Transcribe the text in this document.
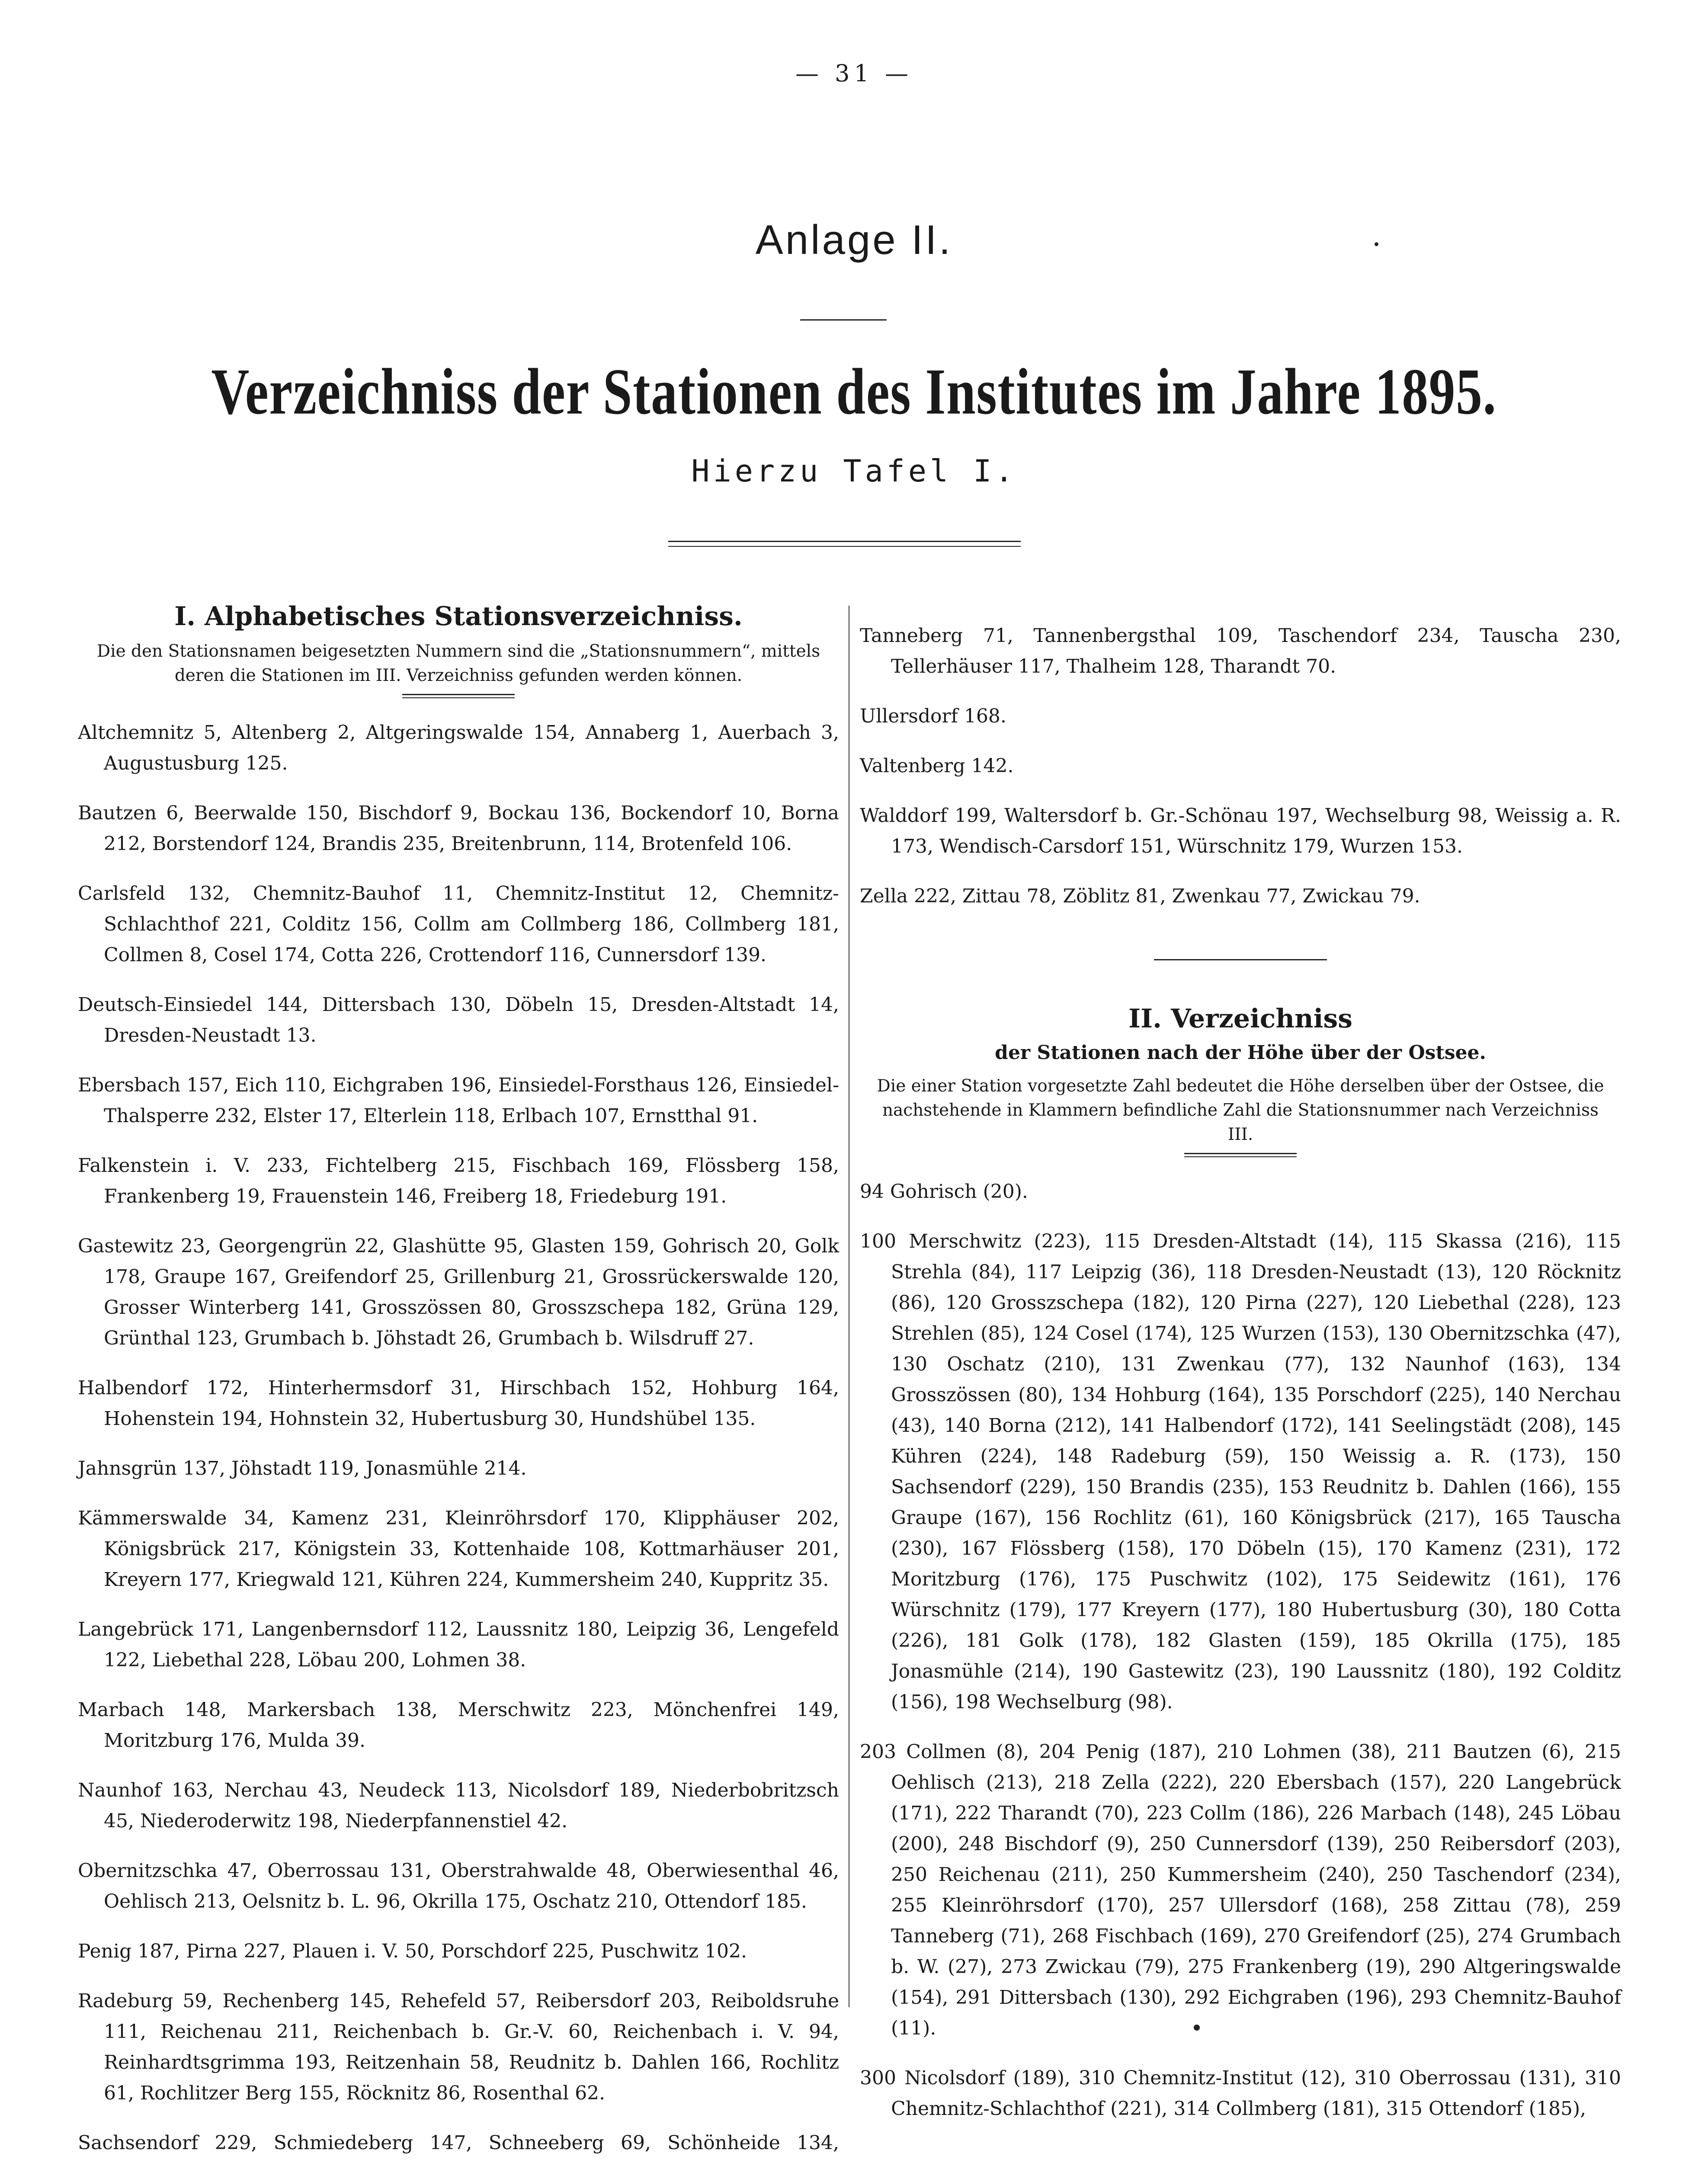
— 31 —
Anlage II.
Verzeichniss der Stationen des Institutes im Jahre 1895.
Hierzu Tafel I.
I. Alphabetisches Stationsverzeichniss.
Die den Stationsnamen beigesetzten Nummern sind die „Stationsnummern“, mittels deren die Stationen im III. Verzeichniss gefunden werden können.

Altchemnitz 5, Altenberg 2, Altgeringswalde 154, Annaberg 1, Auerbach 3, Augustusburg 125.

Bautzen 6, Beerwalde 150, Bischdorf 9, Bockau 136, Bockendorf 10, Borna 212, Borstendorf 124, Brandis 235, Breitenbrunn, 114, Brotenfeld 106.

Carlsfeld 132, Chemnitz-Bauhof 11, Chemnitz-Institut 12, Chemnitz-Schlachthof 221, Colditz 156, Collm am Collmberg 186, Collmberg 181, Collmen 8, Cosel 174, Cotta 226, Crottendorf 116, Cunnersdorf 139.

Deutsch-Einsiedel 144, Dittersbach 130, Döbeln 15, Dresden-Altstadt 14, Dresden-Neustadt 13.

Ebersbach 157, Eich 110, Eichgraben 196, Einsiedel-Forsthaus 126, Einsiedel-Thalsperre 232, Elster 17, Elterlein 118, Erlbach 107, Ernstthal 91.

Falkenstein i. V. 233, Fichtelberg 215, Fischbach 169, Flössberg 158, Frankenberg 19, Frauenstein 146, Freiberg 18, Friedeburg 191.

Gastewitz 23, Georgengrün 22, Glashütte 95, Glasten 159, Gohrisch 20, Golk 178, Graupe 167, Greifendorf 25, Grillenburg 21, Grossrückerswalde 120, Grosser Winterberg 141, Grosszössen 80, Grosszschepa 182, Grüna 129, Grünthal 123, Grumbach b. Jöhstadt 26, Grumbach b. Wilsdruff 27.

Halbendorf 172, Hinterhermsdorf 31, Hirschbach 152, Hohburg 164, Hohenstein 194, Hohnstein 32, Hubertusburg 30, Hundshübel 135.

Jahnsgrün 137, Jöhstadt 119, Jonasmühle 214.

Kämmerswalde 34, Kamenz 231, Kleinröhrsdorf 170, Klipphäuser 202, Königsbrück 217, Königstein 33, Kottenhaide 108, Kottmarhäuser 201, Kreyern 177, Kriegwald 121, Kühren 224, Kummersheim 240, Kuppritz 35.

Langebrück 171, Langenbernsdorf 112, Laussnitz 180, Leipzig 36, Lengefeld 122, Liebethal 228, Löbau 200, Lohmen 38.

Marbach 148, Markersbach 138, Merschwitz 223, Mönchenfrei 149, Moritzburg 176, Mulda 39.

Naunhof 163, Nerchau 43, Neudeck 113, Nicolsdorf 189, Niederbobritzsch 45, Niederoderwitz 198, Niederpfannenstiel 42.

Obernitzschka 47, Oberrossau 131, Oberstrahwalde 48, Oberwiesenthal 46, Oehlisch 213, Oelsnitz b. L. 96, Okrilla 175, Oschatz 210, Ottendorf 185.

Penig 187, Pirna 227, Plauen i. V. 50, Porschdorf 225, Puschwitz 102.

Radeburg 59, Rechenberg 145, Rehefeld 57, Reibersdorf 203, Reiboldsruhe 111, Reichenau 211, Reichenbach b. Gr.-V. 60, Reichenbach i. V. 94, Reinhardtsgrimma 193, Reitzenhain 58, Reudnitz b. Dahlen 166, Rochlitz 61, Rochlitzer Berg 155, Röcknitz 86, Rosenthal 62.

Sachsendorf 229, Schmiedeberg 147, Schneeberg 69, Schönheide 134,

Tanneberg 71, Tannenbergsthal 109, Taschendorf 234, Tauscha 230, Tellerhäuser 117, Thalheim 128, Tharandt 70.

Ullersdorf 168.

Valtenberg 142.

Walddorf 199, Waltersdorf b. Gr.-Schönau 197, Wechselburg 98, Weissig a. R. 173, Wendisch-Carsdorf 151, Würschnitz 179, Wurzen 153.

Zella 222, Zittau 78, Zöblitz 81, Zwenkau 77, Zwickau 79.

II. Verzeichniss
der Stationen nach der Höhe über der Ostsee.
Die einer Station vorgesetzte Zahl bedeutet die Höhe derselben über der Ostsee, die nachstehende in Klammern befindliche Zahl die Stationsnummer nach Verzeichniss III.

94 Gohrisch (20).

100 Merschwitz (223), 115 Dresden-Altstadt (14), 115 Skassa (216), 115 Strehla (84), 117 Leipzig (36), 118 Dresden-Neustadt (13), 120 Röcknitz (86), 120 Grosszschepa (182), 120 Pirna (227), 120 Liebethal (228), 123 Strehlen (85), 124 Cosel (174), 125 Wurzen (153), 130 Obernitzschka (47), 130 Oschatz (210), 131 Zwenkau (77), 132 Naunhof (163), 134 Grosszössen (80), 134 Hohburg (164), 135 Porschdorf (225), 140 Nerchau (43), 140 Borna (212), 141 Halbendorf (172), 141 Seelingstädt (208), 145 Kühren (224), 148 Radeburg (59), 150 Weissig a. R. (173), 150 Sachsendorf (229), 150 Brandis (235), 153 Reudnitz b. Dahlen (166), 155 Graupe (167), 156 Rochlitz (61), 160 Königsbrück (217), 165 Tauscha (230), 167 Flössberg (158), 170 Döbeln (15), 170 Kamenz (231), 172 Moritzburg (176), 175 Puschwitz (102), 175 Seidewitz (161), 176 Würschnitz (179), 177 Kreyern (177), 180 Hubertusburg (30), 180 Cotta (226), 181 Golk (178), 182 Glasten (159), 185 Okrilla (175), 185 Jonasmühle (214), 190 Gastewitz (23), 190 Laussnitz (180), 192 Colditz (156), 198 Wechselburg (98).

203 Collmen (8), 204 Penig (187), 210 Lohmen (38), 211 Bautzen (6), 215 Oehlisch (213), 218 Zella (222), 220 Ebersbach (157), 220 Langebrück (171), 222 Tharandt (70), 223 Collm (186), 226 Marbach (148), 245 Löbau (200), 248 Bischdorf (9), 250 Cunnersdorf (139), 250 Reibersdorf (203), 250 Reichenau (211), 250 Kummersheim (240), 250 Taschendorf (234), 255 Kleinröhrsdorf (170), 257 Ullersdorf (168), 258 Zittau (78), 259 Tanneberg (71), 268 Fischbach (169), 270 Greifendorf (25), 274 Grumbach b. W. (27), 273 Zwickau (79), 275 Frankenberg (19), 290 Altgeringswalde (154), 291 Dittersbach (130), 292 Eichgraben (196), 293 Chemnitz-Bauhof (11).

300 Nicolsdorf (189), 310 Chemnitz-Institut (12), 310 Oberrossau (131), 310 Chemnitz-Schlachthof (221), 314 Collmberg (181), 315 Ottendorf (185),
